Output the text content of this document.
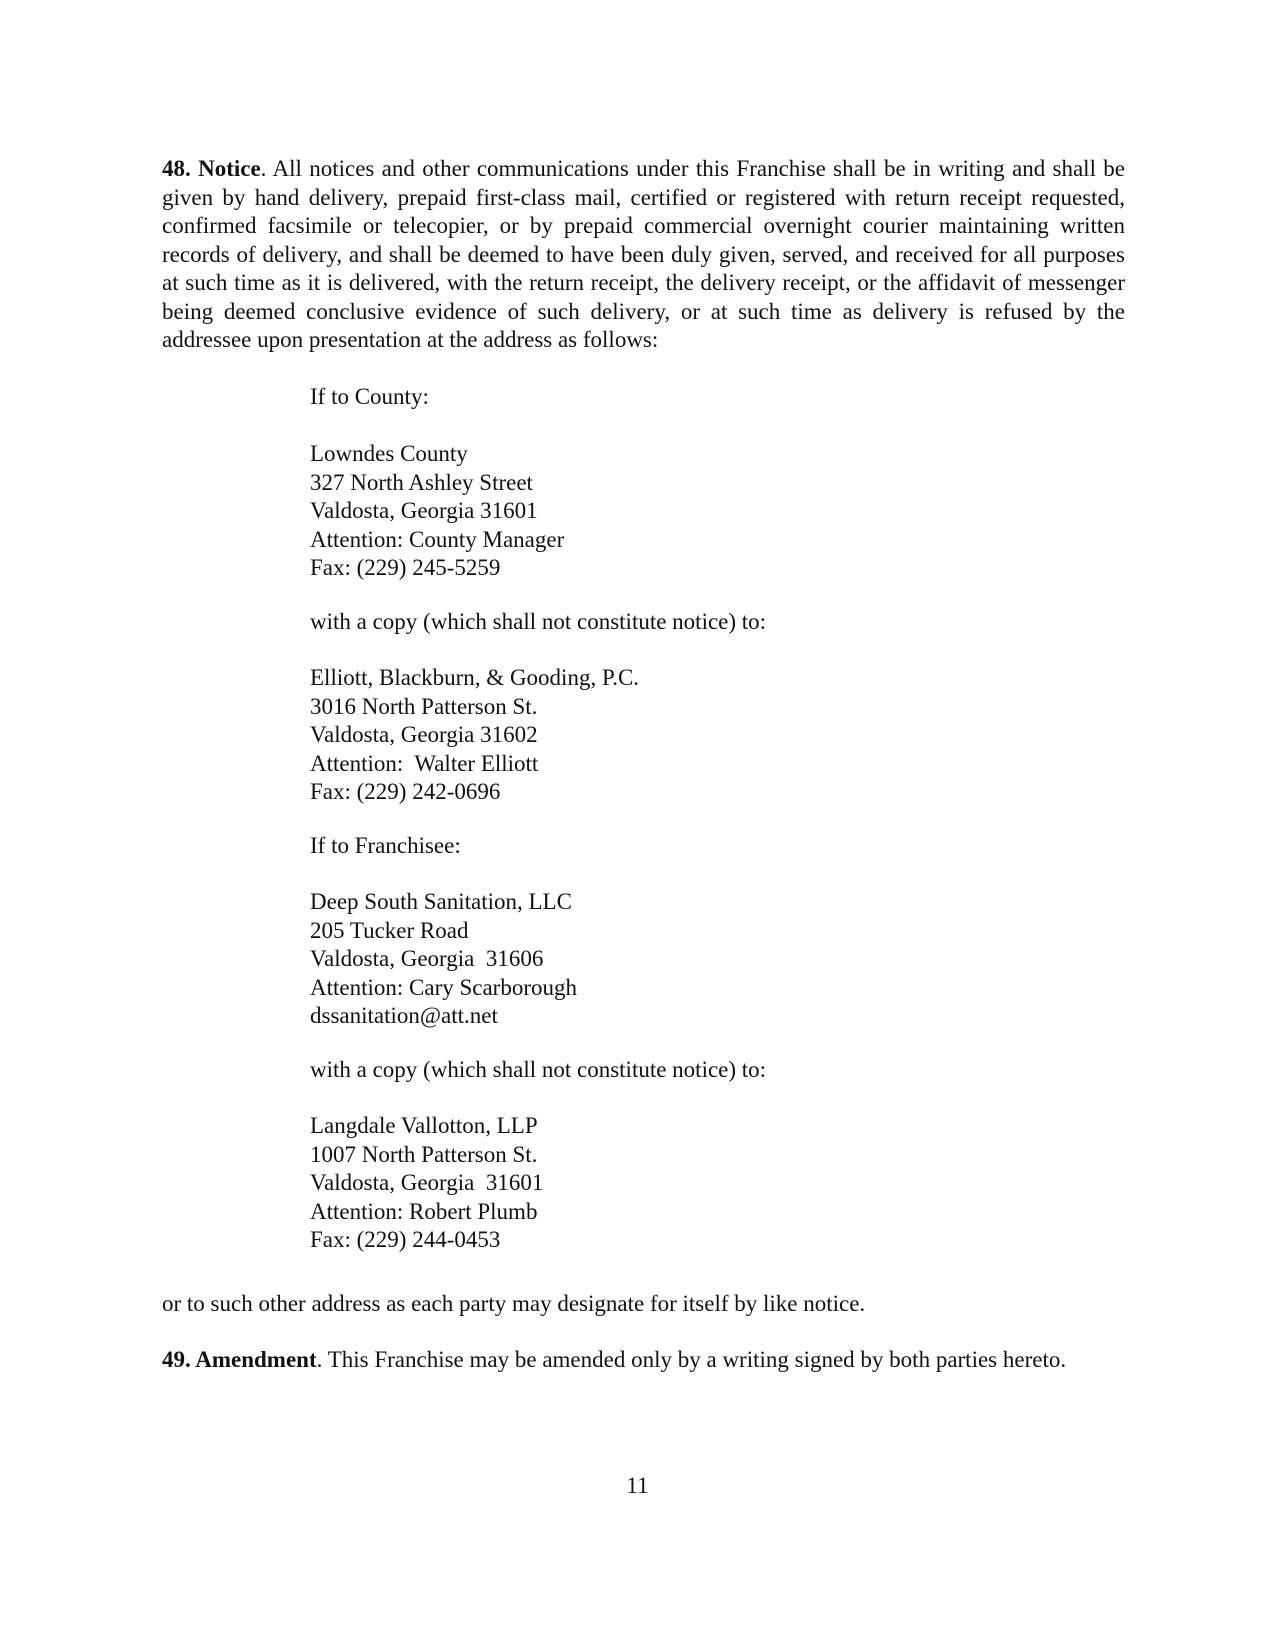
48. Notice. All notices and other communications under this Franchise shall be in writing and shall be given by hand delivery, prepaid first-class mail, certified or registered with return receipt requested, confirmed facsimile or telecopier, or by prepaid commercial overnight courier maintaining written records of delivery, and shall be deemed to have been duly given, served, and received for all purposes at such time as it is delivered, with the return receipt, the delivery receipt, or the affidavit of messenger being deemed conclusive evidence of such delivery, or at such time as delivery is refused by the addressee upon presentation at the address as follows:

If to County:

Lowndes County
327 North Ashley Street
Valdosta, Georgia 31601
Attention: County Manager
Fax: (229) 245-5259

with a copy (which shall not constitute notice) to:

Elliott, Blackburn, & Gooding, P.C.
3016 North Patterson St.
Valdosta, Georgia 31602
Attention:  Walter Elliott
Fax: (229) 242-0696

If to Franchisee:

Deep South Sanitation, LLC
205 Tucker Road
Valdosta, Georgia  31606
Attention: Cary Scarborough
dssanitation@att.net

with a copy (which shall not constitute notice) to:

Langdale Vallotton, LLP
1007 North Patterson St.
Valdosta, Georgia  31601
Attention: Robert Plumb
Fax: (229) 244-0453

or to such other address as each party may designate for itself by like notice.

49. Amendment. This Franchise may be amended only by a writing signed by both parties hereto.

11
